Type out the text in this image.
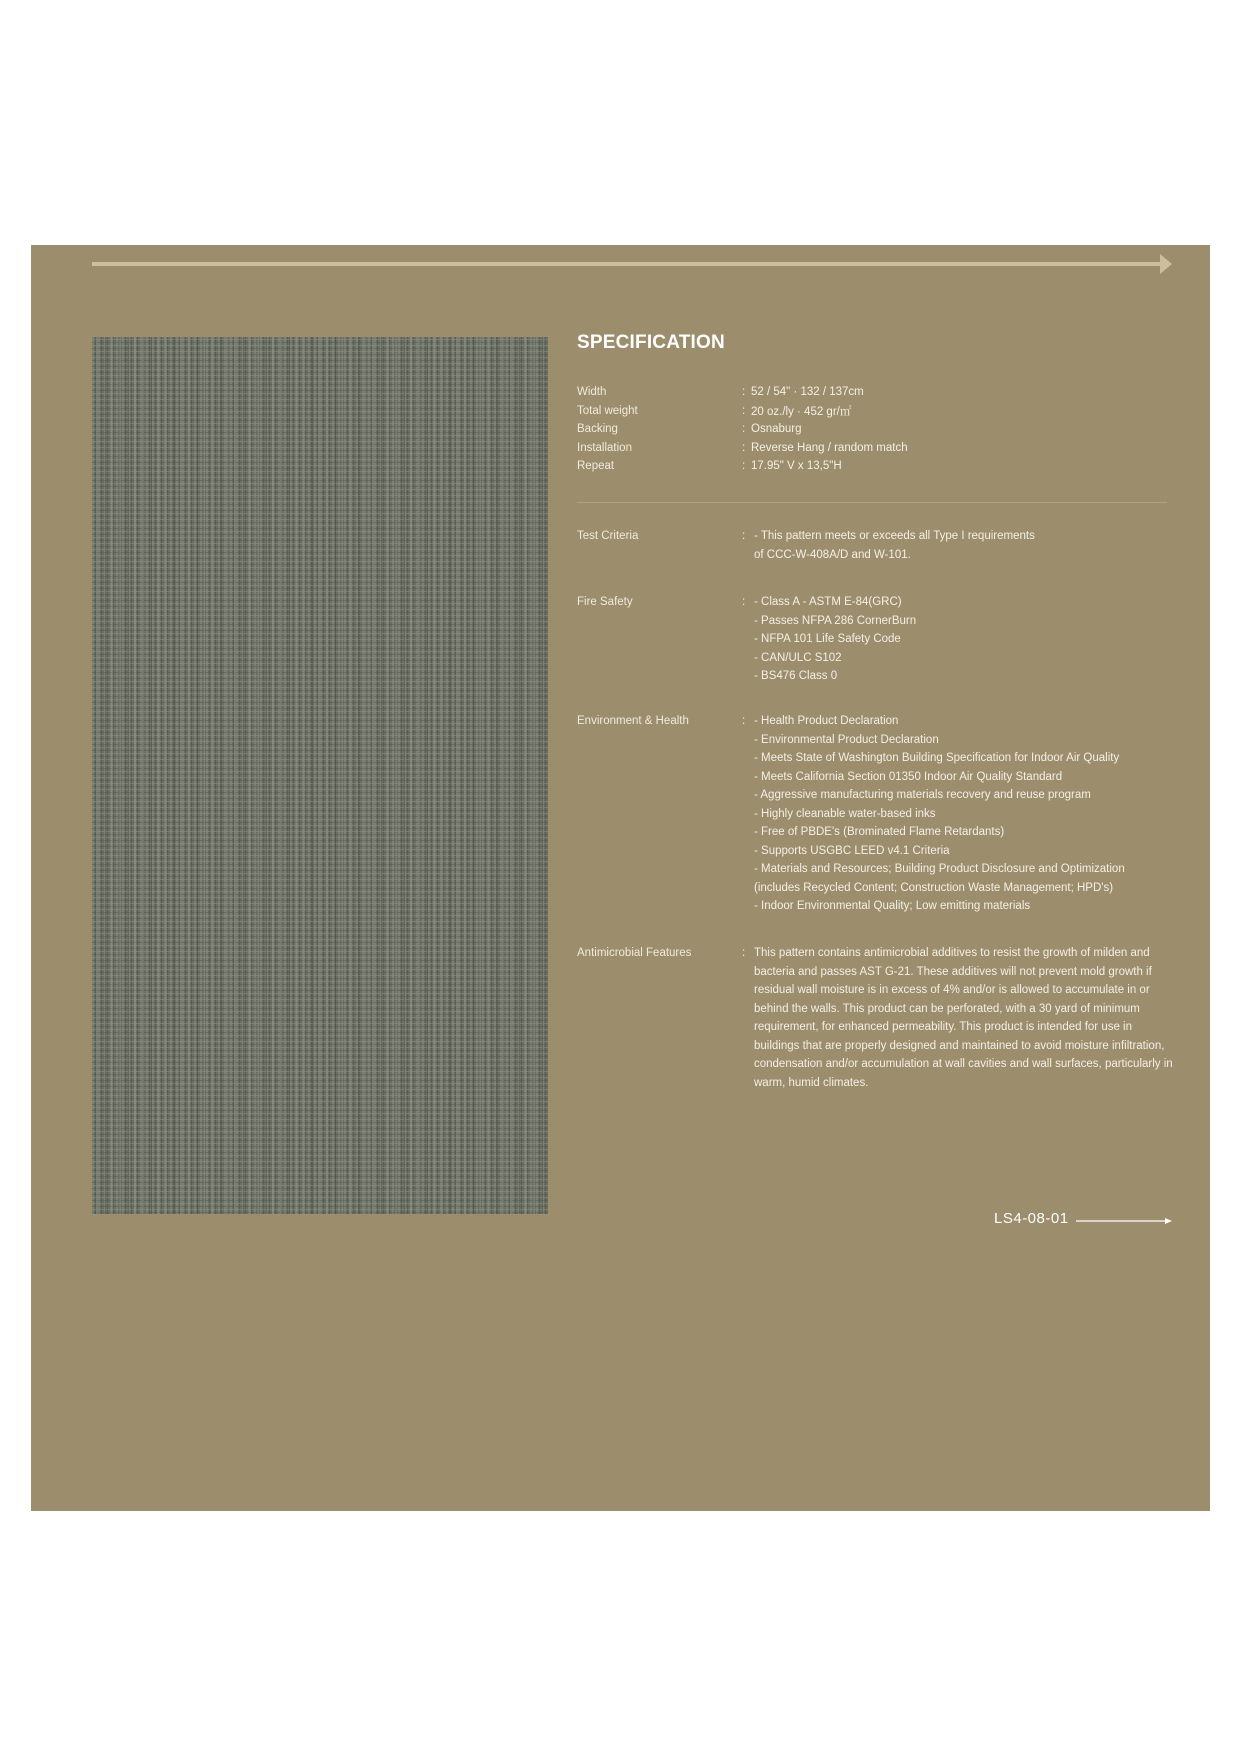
SPECIFICATION
Width	: 52 / 54" · 132 / 137cm
Total weight	: 20 oz./ly · 452 gr/㎡
Backing	: Osnaburg
Installation	: Reverse Hang / random match
Repeat	: 17.95" V x 13,5"H
Test Criteria	: - This pattern meets or exceeds all Type I requirements
of CCC-W-408A/D and W-101.
Fire Safety	: - Class A - ASTM E-84(GRC)
- Passes NFPA 286 CornerBurn
- NFPA 101 Life Safety Code
- CAN/ULC S102
- BS476 Class 0
Environment & Health	: - Health Product Declaration
- Environmental Product Declaration
- Meets State of Washington Building Specification for Indoor Air Quality
- Meets California Section 01350 Indoor Air Quality Standard
- Aggressive manufacturing materials recovery and reuse program
- Highly cleanable water-based inks
- Free of PBDE's (Brominated Flame Retardants)
- Supports USGBC LEED v4.1 Criteria
- Materials and Resources; Building Product Disclosure and Optimization
(includes Recycled Content; Construction Waste Management; HPD's)
- Indoor Environmental Quality; Low emitting materials
Antimicrobial Features	: This pattern contains antimicrobial additives to resist the growth of milden and bacteria and passes AST G-21. These additives will not prevent mold growth if residual wall moisture is in excess of 4% and/or is allowed to accumulate in or behind the walls. This product can be perforated, with a 30 yard of minimum requirement, for enhanced permeability. This product is intended for use in buildings that are properly designed and maintained to avoid moisture infiltration, condensation and/or accumulation at wall cavities and wall surfaces, particularly in warm, humid climates.
LS4-08-01
